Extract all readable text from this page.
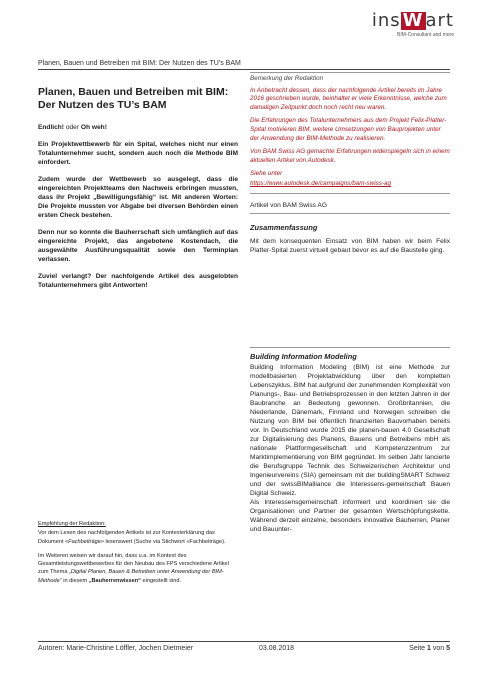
ins W art
BIM-Consultant and more
Planen, Bauen und Betreiben mit BIM: Der Nutzen des TU’s BAM
Planen, Bauen und Betreiben mit BIM:
Der Nutzen des TU’s BAM

Endlich! oder Oh weh!

Ein Projektwettbewerb für ein Spital, welches nicht nur einen Totalunternehmer sucht, sondern auch noch die Methode BIM einfordert.

Zudem wurde der Wettbewerb so ausgelegt, dass die eingereichten Projektteams den Nachweis erbringen mussten, dass ihr Projekt „Bewilligungsfähig“ ist. Mit anderen Worten: Die Projekte mussten vor Abgabe bei diversen Behörden einen ersten Check bestehen.

Denn nur so konnte die Bauherrschaft sich umfänglich auf das eingereichte Projekt, das angebotene Kostendach, die ausgewählte Ausführungsqualität sowie den Terminplan verlassen.

Zuviel verlangt? Der nachfolgende Artikel des ausgelobten Totalunternehmers gibt Antworten!

Bemerkung der Redaktion

In Anbetracht dessen, dass der nachfolgende Artikel bereits im Jahre 2016 geschrieben wurde, beinhaltet er viele Erkenntnisse, welche zum damaligen Zeitpunkt doch noch recht neu waren.

Die Erfahrungen des Totalunternehmers aus dem Projekt Felix-Platter-Spital motivieren BIM, weitere Umsetzungen von Bauprojekten unter der Anwendung der BIM-Methode zu realisieren.

Von BAM Swiss AG gemachte Erfahrungen widerspiegeln sich in einem aktuellen Artikel von Autodesk.

Siehe unter

https://www.autodesk.de/campaigns/bam-swiss-ag

Artikel von BAM Swiss AG

Zusammenfassung

Mit dem konsequenten Einsatz von BIM haben wir beim Felix Platter-Spital zuerst virtuell gebaut bevor es auf die Baustelle ging.

Building Information Modeling

Building Information Modeling (BIM) ist eine Methode zur modellbasierten Projektabwicklung über den kompletten Lebenszyklus. BIM hat aufgrund der zunehmenden Komplexität von Planungs-, Bau- und Betriebsprozessen in den letzten Jahren in der Baubranche an Bedeutung gewonnen. Großbritannien, die Niederlande, Dänemark, Finnland und Norwegen schreiben die Nutzung von BIM bei öffentlich finanzierten Bauvorhaben bereits vor. In Deutschland wurde 2015 die planen-bauen 4.0 Gesellschaft zur Digitalisierung des Planens, Bauens und Betreibens mbH als nationale Plattformgesellschaft und Kompetenzzentrum zur Marktimplementierung von BIM gegründet. Im selben Jahr lancierte die Berufsgruppe Technik des Schweizerischen Architektur und Ingenieurvereins (SIA) gemeinsam mit der buildingSMART Schweiz und der swissBIMalliance die Interessens-gemeinschaft Bauen Digital Schweiz.

Als Interessensgemeinschaft informiert und koordiniert sie die Organisationen und Partner der gesamten Wertschöpfungskette. Während derzeit einzelne, besonders innovative Bauherren, Planer und Bauunter-

Empfehlung der Redaktion:

Vor dem Lesen des nachfolgenden Artikels ist zur Kontexterklärung das Dokument «Fachbeiträge» lesenswert (Suche via Stichwort «Fachbeiträge).

Im Weiteren weisen wir darauf hin, dass u.a. im Kontext des Gesamtleistungswettbewerbes für den Neubau des FPS verschiedene Artikel zum Thema „Digital Planen, Bauen & Betreiben unter Anwendung der BIM-Methode“ in diesem „Bauherrenwissen“ eingestellt sind.

Autoren: Marie-Christine Löffler, Jochen Dietmeier	03.08.2018	Seite 1 von 5
